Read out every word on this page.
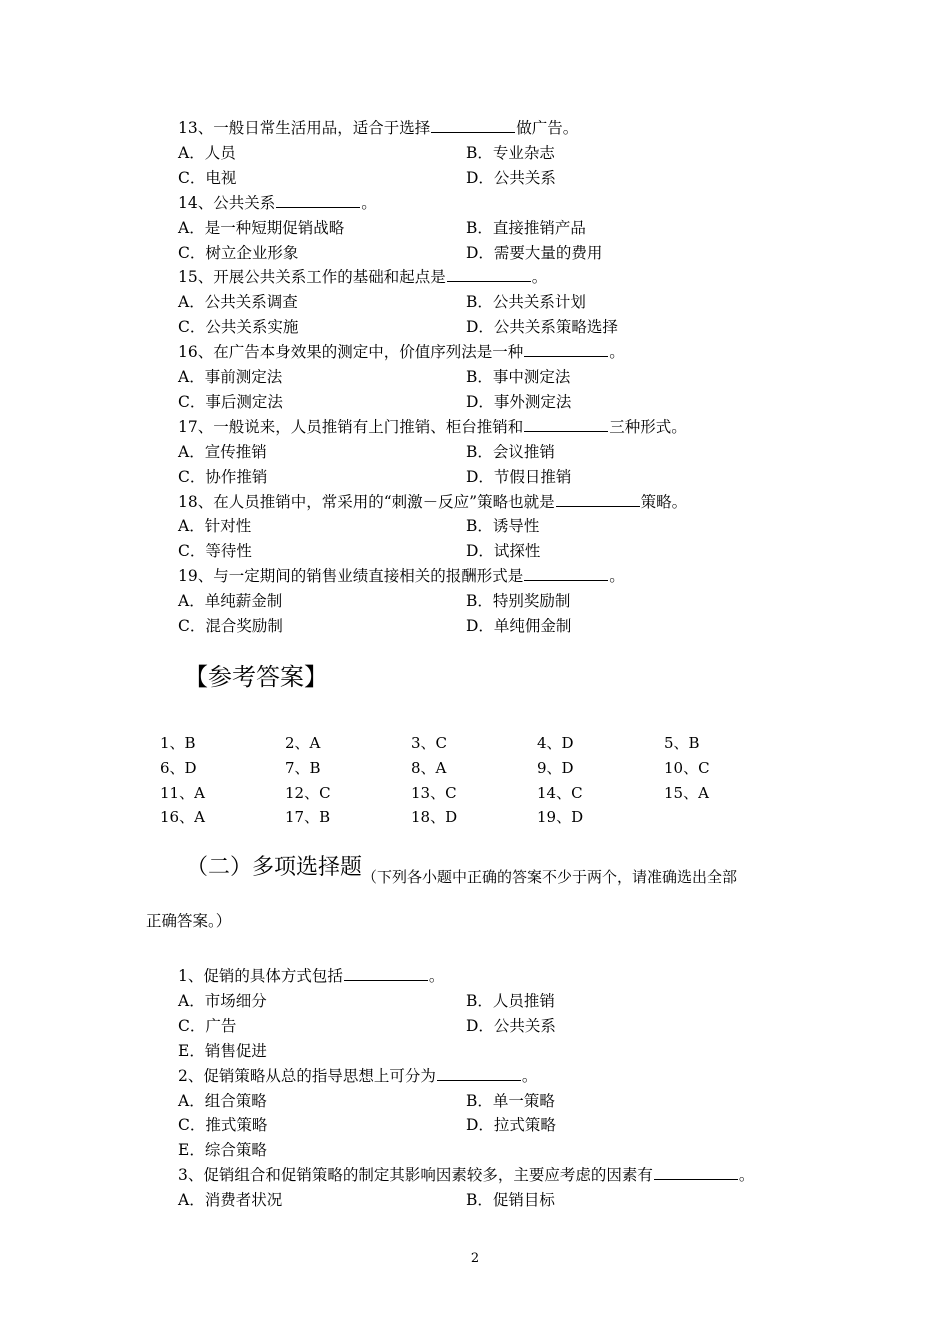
13、一般日常生活用品，适合于选择	做广告。
A．人员	B．专业杂志
C．电视	D．公共关系
14、公共关系	。
A．是一种短期促销战略	B．直接推销产品
C．树立企业形象	D．需要大量的费用
15、开展公共关系工作的基础和起点是	。
A．公共关系调查	B．公共关系计划
C．公共关系实施	D．公共关系策略选择
16、在广告本身效果的测定中，价值序列法是一种	。
A．事前测定法	B．事中测定法
C．事后测定法	D．事外测定法
17、一般说来，人员推销有上门推销、柜台推销和	三种形式。
A．宣传推销	B．会议推销
C．协作推销	D．节假日推销
18、在人员推销中，常采用的“刺激－反应”策略也就是	策略。
A．针对性	B．诱导性
C．等待性	D．试探性
19、与一定期间的销售业绩直接相关的报酬形式是	。
A．单纯薪金制	B．特别奖励制
C．混合奖励制	D．单纯佣金制
【参考答案】
1、B	2、A	3、C	4、D	5、B
6、D	7、B	8、A	9、D	10、C
11、A	12、C	13、C	14、C	15、A
16、A	17、B	18、D	19、D
（二）多项选择题（下列各小题中正确的答案不少于两个，请准确选出全部
正确答案。）
1、促销的具体方式包括	。
A．市场细分	B．人员推销
C．广告	D．公共关系
E．销售促进
2、促销策略从总的指导思想上可分为	。
A．组合策略	B．单一策略
C．推式策略	D．拉式策略
E．综合策略
3、促销组合和促销策略的制定其影响因素较多，主要应考虑的因素有	。
A．消费者状况	B．促销目标
2
